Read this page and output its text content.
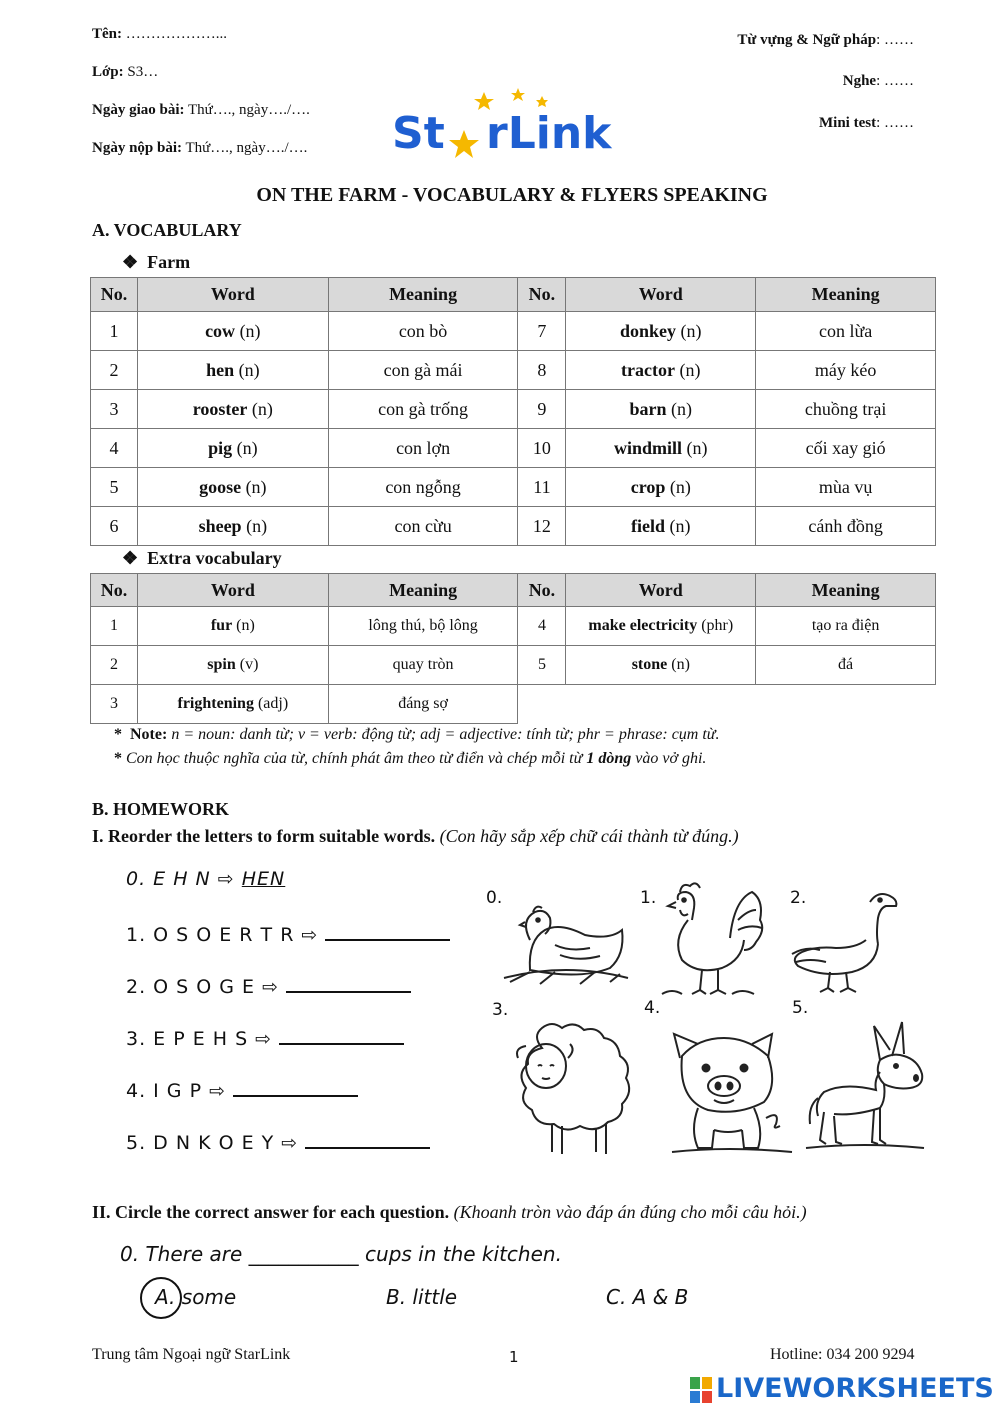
Tên: ………………...
Lớp: S3…
Ngày giao bài: Thứ…., ngày…./….
Ngày nộp bài: Thứ…., ngày…./….
Từ vựng & Ngữ pháp: ……
Nghe: ……
Mini test: ……
St rLink
ON THE FARM - VOCABULARY & FLYERS SPEAKING
A. VOCABULARY
❖ Farm
No.	Word	Meaning	No.	Word	Meaning
1	cow (n)	con bò	7	donkey (n)	con lừa
2	hen (n)	con gà mái	8	tractor (n)	máy kéo
3	rooster (n)	con gà trống	9	barn (n)	chuồng trại
4	pig (n)	con lợn	10	windmill (n)	cối xay gió
5	goose (n)	con ngỗng	11	crop (n)	mùa vụ
6	sheep (n)	con cừu	12	field (n)	cánh đồng
❖ Extra vocabulary
No.	Word	Meaning	No.	Word	Meaning
1	fur (n)	lông thú, bộ lông	4	make electricity (phr)	tạo ra điện
2	spin (v)	quay tròn	5	stone (n)	đá
3	frightening (adj)	đáng sợ			
* Note: n = noun: danh từ; v = verb: động từ; adj = adjective: tính từ; phr = phrase: cụm từ.
* Con học thuộc nghĩa của từ, chính phát âm theo từ điển và chép mỗi từ 1 dòng vào vở ghi.
B. HOMEWORK
I. Reorder the letters to form suitable words. (Con hãy sắp xếp chữ cái thành từ đúng.)
0. E H N ⇨ HEN
1. O S O E R T R ⇨
2. O S O G E ⇨
3. E P E H S ⇨
4. I G P ⇨
5. D N K O E Y ⇨
0.	1.	2.
3.	4.	5.
II. Circle the correct answer for each question. (Khoanh tròn vào đáp án đúng cho mỗi câu hỏi.)
0. There are ___________ cups in the kitchen.
A. some	B. little	C. A & B
Trung tâm Ngoại ngữ StarLink	1	Hotline: 034 200 9294
LIVEWORKSHEETS
